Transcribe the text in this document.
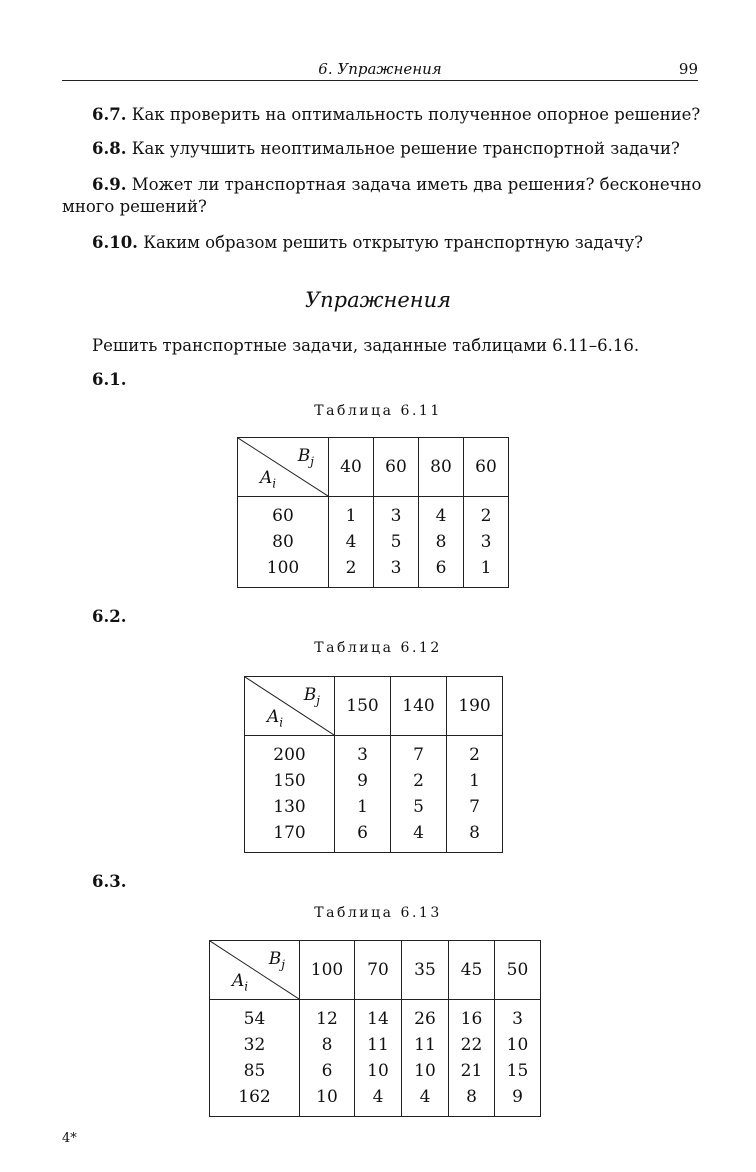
6. Упражнения	99
6.7. Как проверить на оптимальность полученное опорное решение?
6.8. Как улучшить неоптимальное решение транспортной задачи?
6.9. Может ли транспортная задача иметь два решения? бесконечно
много решений?
6.10. Каким образом решить открытую транспортную задачу?
Упражнения
Решить транспортные задачи, заданные таблицами 6.11–6.16.
6.1.
Таблица 6.11
$B_j$
$A_i$	40	60	80	60
60	1	3	4	2
80	4	5	8	3
100	2	3	6	1
6.2.
Таблица 6.12
$B_j$
$A_i$	150	140	190
200	3	7	2
150	9	2	1
130	1	5	7
170	6	4	8
6.3.
Таблица 6.13
$B_j$
$A_i$	100	70	35	45	50
54	12	14	26	16	3
32	8	11	11	22	10
85	6	10	10	21	15
162	10	4	4	8	9
4*
